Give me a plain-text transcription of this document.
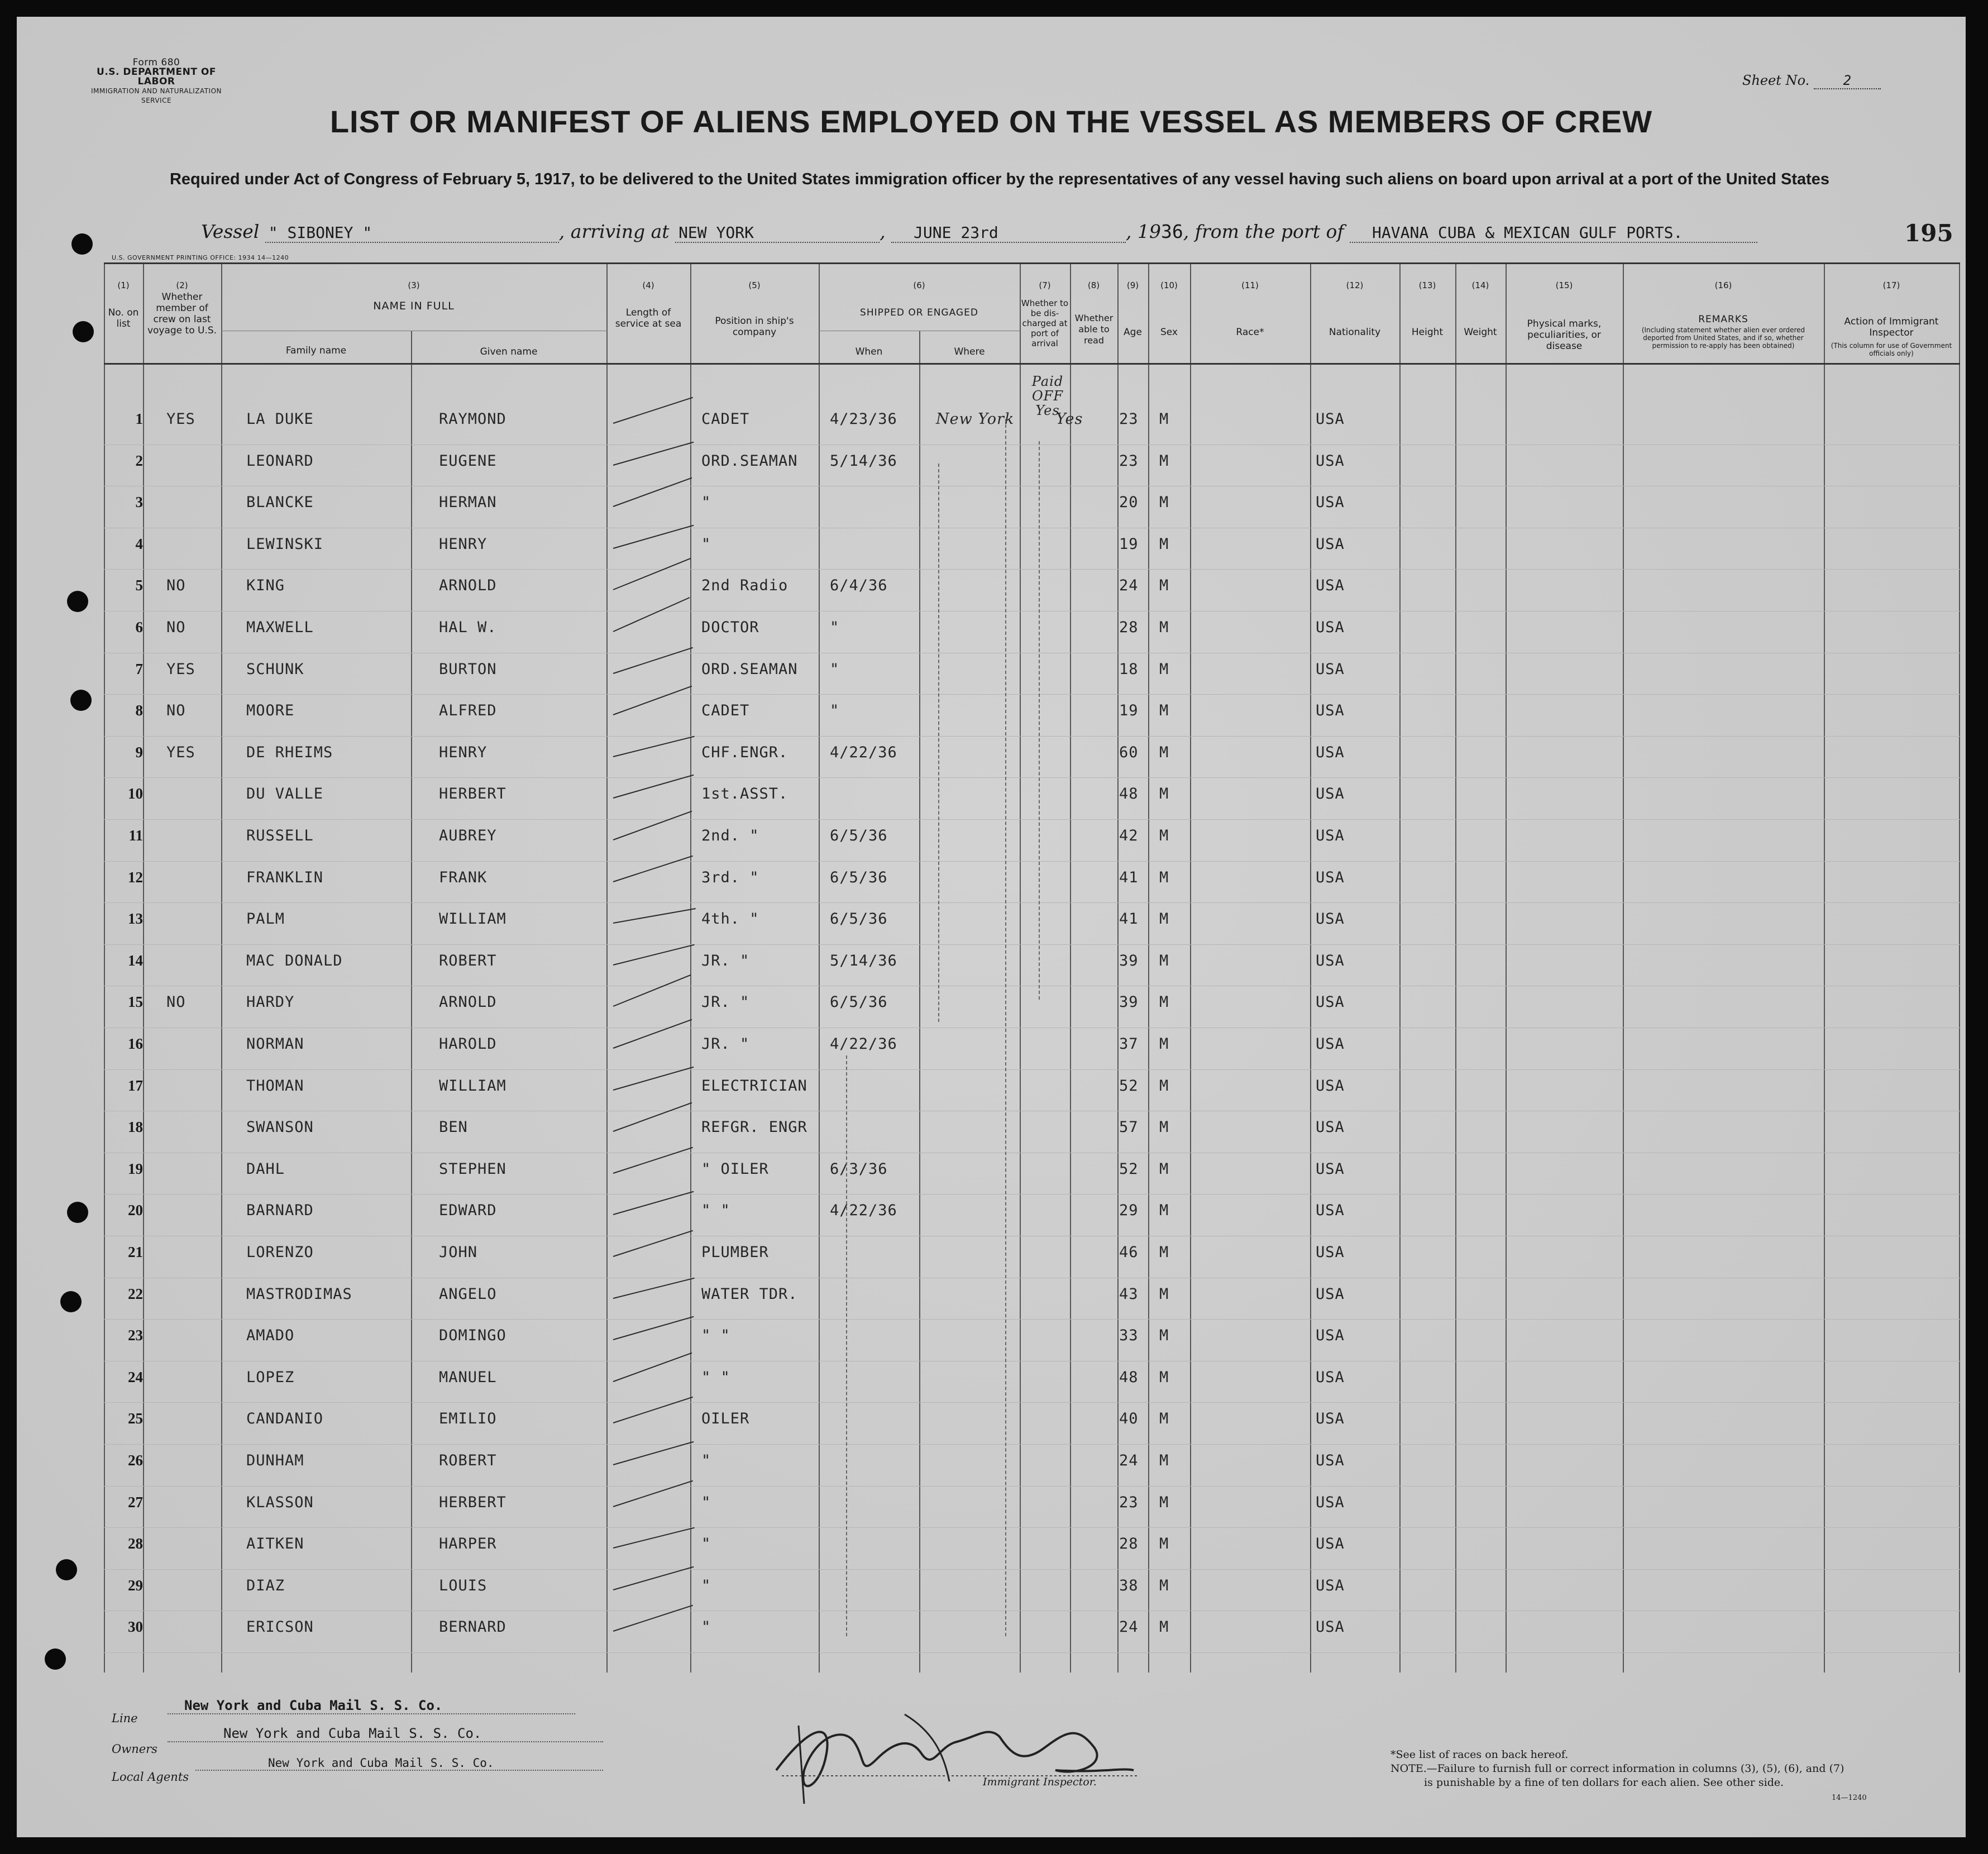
Form 680
U.S. DEPARTMENT OF LABOR
IMMIGRATION AND NATURALIZATION SERVICE
Sheet No.	2
LIST OR MANIFEST OF ALIENS EMPLOYED ON THE VESSEL AS MEMBERS OF CREW
Required under Act of Congress of February 5, 1917, to be delivered to the United States immigration officer by the representatives of any vessel having such aliens on board upon arrival at a port of the United States
Vessel " SIBONEY "	, arriving at NEW YORK	, JUNE 23rd	, 1936, from the port of HAVANA CUBA & MEXICAN GULF PORTS.	195
U.S. GOVERNMENT PRINTING OFFICE: 1934 14—1240
(1)	(2)	(3)	(4)	(5)	(6)	(7)	(8)	(9)	(10)	(11)	(12)	(13)	(14)	(15)	(16)	(17)
No. on list
Whether member of crew on last voyage to U.S.
NAME IN FULL
Family name	Given name
Length of service at sea	Position in ship's company
SHIPPED OR ENGAGED
When	Where
Whether to be dis-charged at port of arrival
Whether able to read
Age	Sex	Race*	Nationality	Height	Weight
Physical marks, peculiarities, or disease
REMARKS
(Including statement whether alien ever ordered deported from United States, and if so, whether permission to re-apply has been obtained)
Action of Immigrant Inspector
(This column for use of Government officials only)
Paid OFF Yes
1 YES	LA DUKE	RAYMOND	CADET	4/23/36	New York	Yes 23 M	USA
2	LEONARD	EUGENE	ORD.SEAMAN 5/14/36	23 M	USA
3	BLANCKE	HERMAN	"	20 M	USA
4	LEWINSKI	HENRY	"	19 M	USA
5 NO	KING	ARNOLD	2nd Radio	6/4/36	24 M	USA
6 NO	MAXWELL	HAL W.	DOCTOR	"	28 M	USA
7 YES	SCHUNK	BURTON	ORD.SEAMAN "	18 M	USA
8 NO	MOORE	ALFRED	CADET	"	19 M	USA
9 YES	DE RHEIMS	HENRY	CHF.ENGR.	4/22/36	60 M	USA
10	DU VALLE	HERBERT	1st.ASST.	48 M	USA
11	RUSSELL	AUBREY	2nd. "	6/5/36	42 M	USA
12	FRANKLIN	FRANK	3rd. "	6/5/36	41 M	USA
13	PALM	WILLIAM	4th. "	6/5/36	41 M	USA
14	MAC DONALD	ROBERT	JR. "	5/14/36	39 M	USA
15 NO	HARDY	ARNOLD	JR. "	6/5/36	39 M	USA
16	NORMAN	HAROLD	JR. "	4/22/36	37 M	USA
17	THOMAN	WILLIAM	ELECTRICIAN	52 M	USA
18	SWANSON	BEN	REFGR. ENGR	57 M	USA
19	DAHL	STEPHEN	" OILER	6/3/36	52 M	USA
20	BARNARD	EDWARD	" "	4/22/36	29 M	USA
21	LORENZO	JOHN	PLUMBER	46 M	USA
22	MASTRODIMAS	ANGELO	WATER TDR.	43 M	USA
23	AMADO	DOMINGO	" "	33 M	USA
24	LOPEZ	MANUEL	" "	48 M	USA
25	CANDANIO	EMILIO	OILER	40 M	USA
26	DUNHAM	ROBERT	"	24 M	USA
27	KLASSON	HERBERT	"	23 M	USA
28	AITKEN	HARPER	"	28 M	USA
29	DIAZ	LOUIS	"	38 M	USA
30	ERICSON	BERNARD	"	24 M	USA
Line
New York and Cuba Mail S. S. Co.
Owners
New York and Cuba Mail S. S. Co.
Local Agents
New York and Cuba Mail S. S. Co.
Immigrant Inspector.
*See list of races on back hereof.
NOTE.—Failure to furnish full or correct information in columns (3), (5), (6), and (7)
is punishable by a fine of ten dollars for each alien. See other side.
14—1240
